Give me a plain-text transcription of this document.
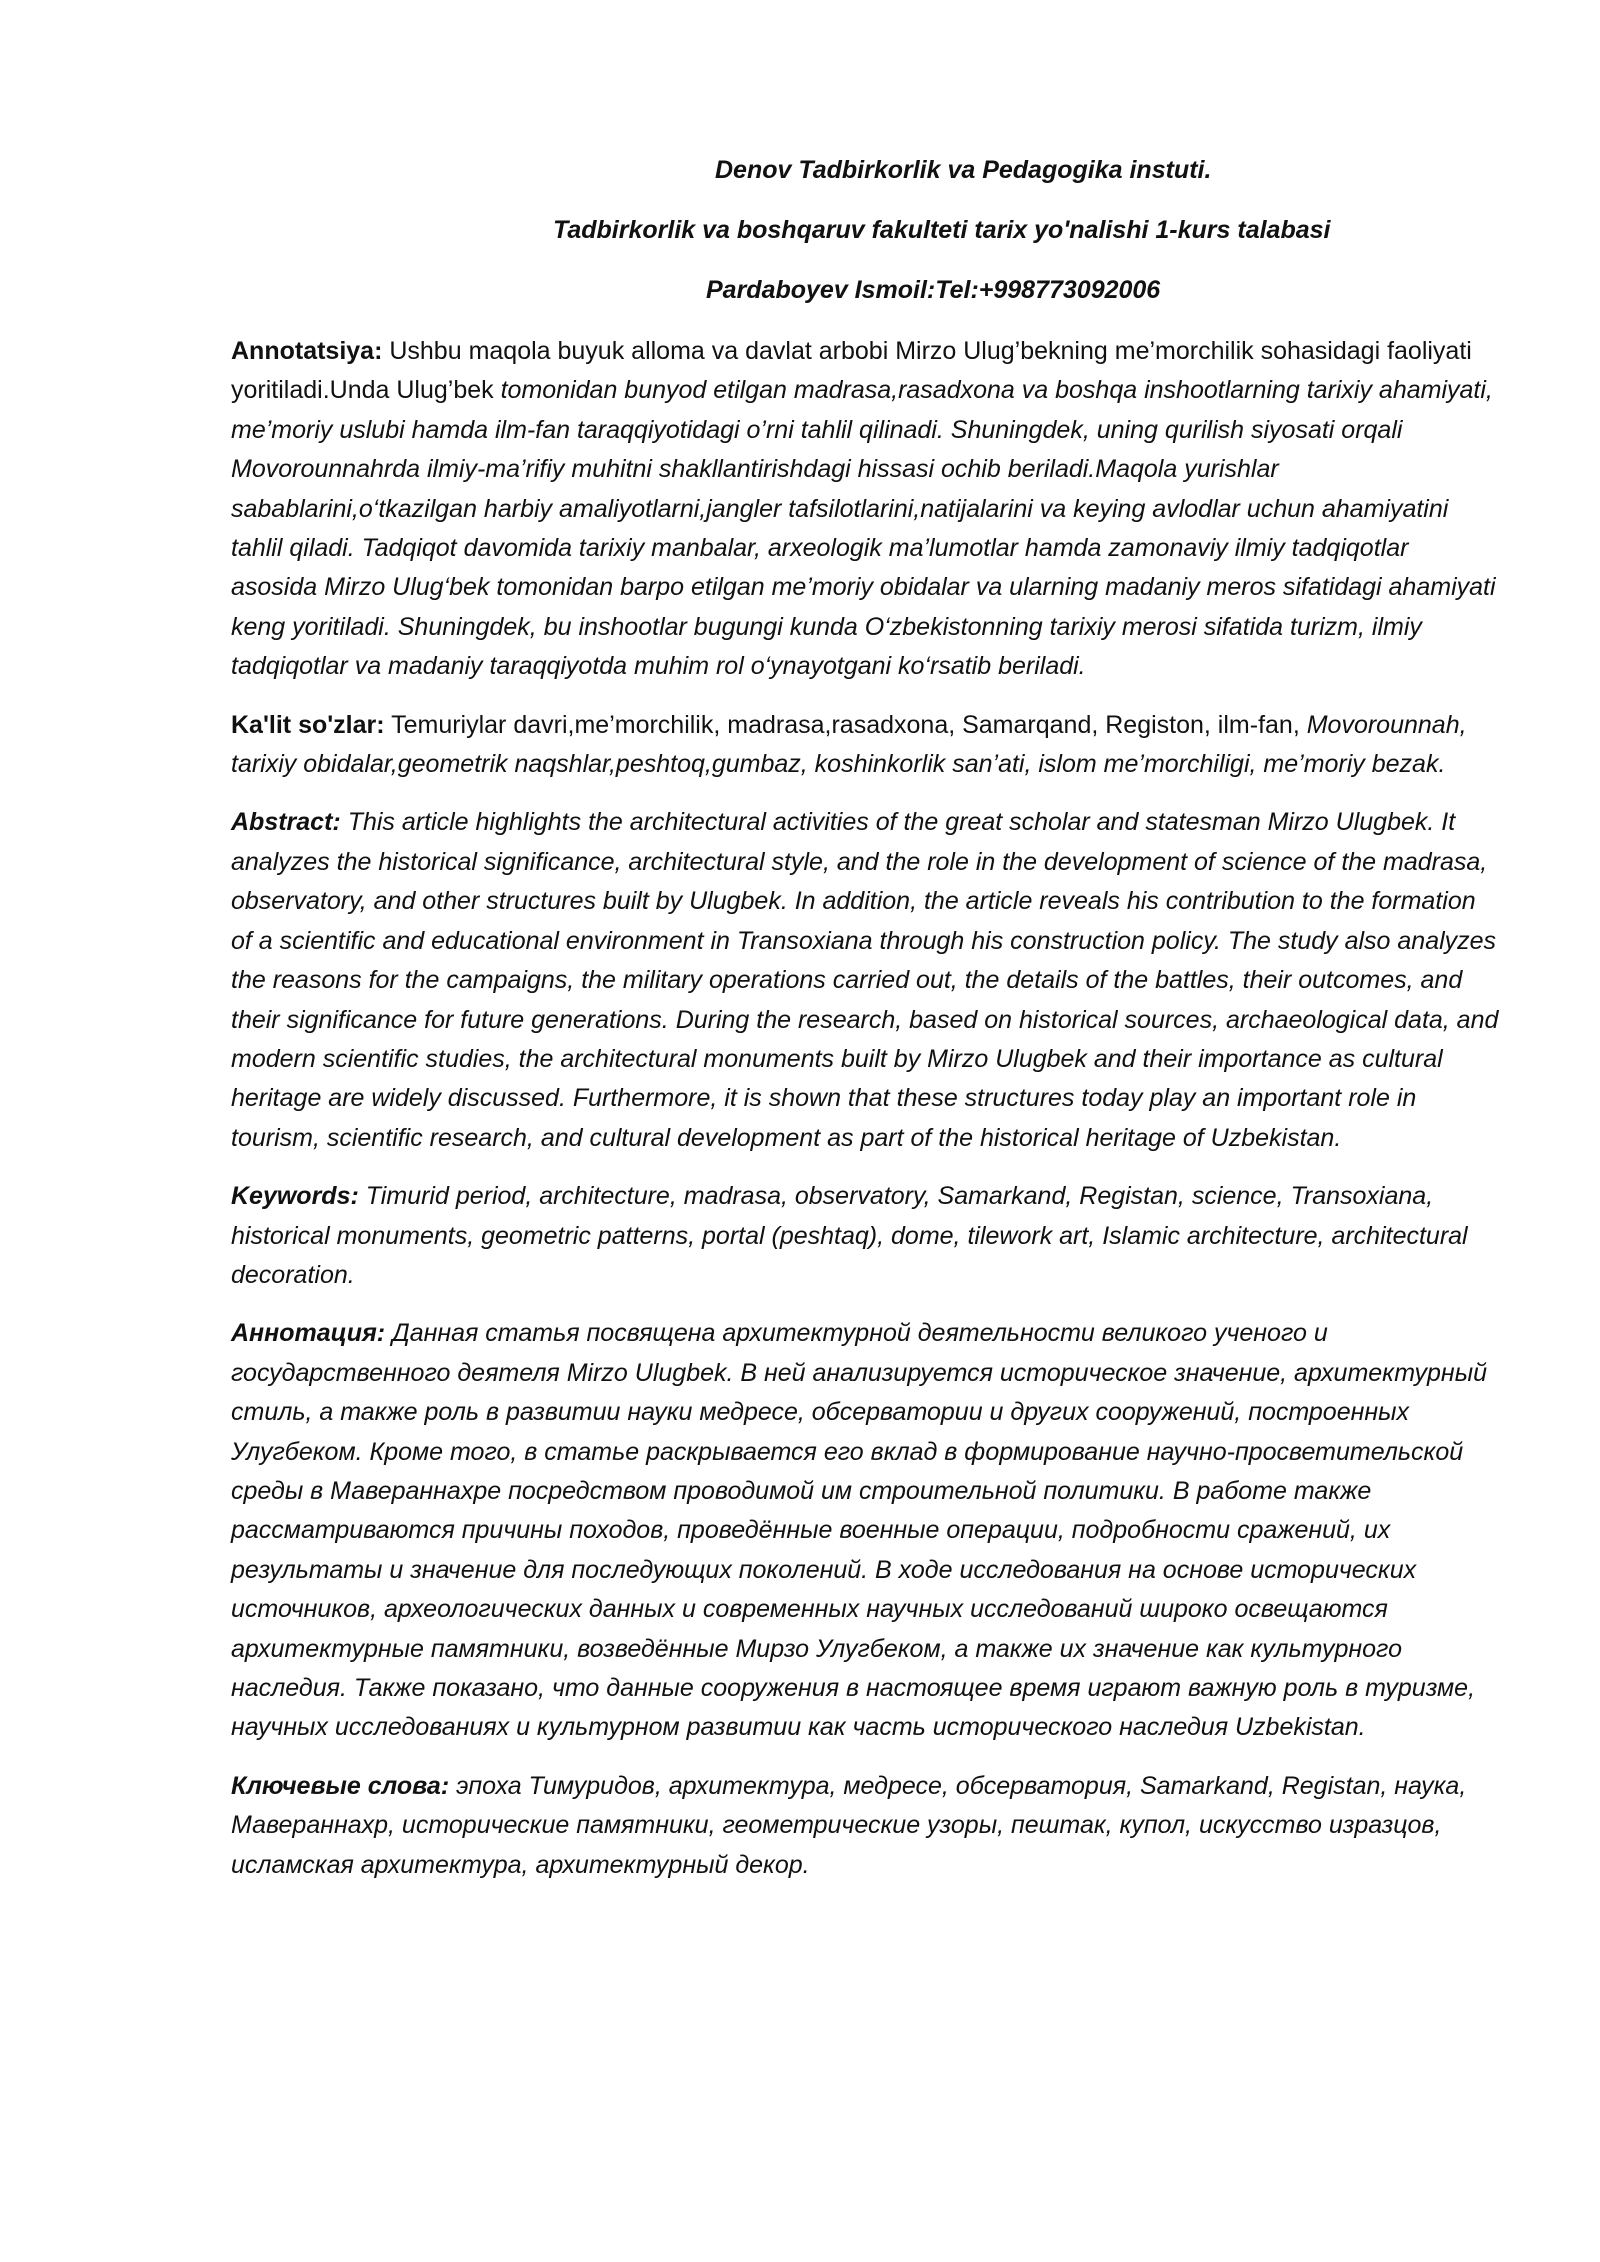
Denov Tadbirkorlik va Pedagogika instuti.
Tadbirkorlik va boshqaruv fakulteti tarix yo'nalishi 1-kurs talabasi
Pardaboyev Ismoil:Tel:+998773092006

Annotatsiya: Ushbu maqola buyuk alloma va davlat arbobi Mirzo Ulug’bekning me’morchilik sohasidagi faoliyati yoritiladi.Unda Ulug’bek tomonidan bunyod etilgan madrasa,rasadxona va boshqa inshootlarning tarixiy ahamiyati, me’moriy uslubi hamda ilm-fan taraqqiyotidagi o’rni tahlil qilinadi. Shuningdek, uning qurilish siyosati orqali Movorounnahrda ilmiy-ma’rifiy muhitni shakllantirishdagi hissasi ochib beriladi.Maqola yurishlar sabablarini,o‘tkazilgan harbiy amaliyotlarni,jangler tafsilotlarini,natijalarini va keying avlodlar uchun ahamiyatini tahlil qiladi. Tadqiqot davomida tarixiy manbalar, arxeologik ma’lumotlar hamda zamonaviy ilmiy tadqiqotlar asosida Mirzo Ulug‘bek tomonidan barpo etilgan me’moriy obidalar va ularning madaniy meros sifatidagi ahamiyati keng yoritiladi. Shuningdek, bu inshootlar bugungi kunda O‘zbekistonning tarixiy merosi sifatida turizm, ilmiy tadqiqotlar va madaniy taraqqiyotda muhim rol o‘ynayotgani ko‘rsatib beriladi.

Ka'lit so'zlar: Temuriylar davri,me’morchilik, madrasa,rasadxona, Samarqand, Registon, ilm-fan, Movorounnah, tarixiy obidalar,geometrik naqshlar,peshtoq,gumbaz, koshinkorlik san’ati, islom me’morchiligi, me’moriy bezak.

Abstract: This article highlights the architectural activities of the great scholar and statesman Mirzo Ulugbek. It analyzes the historical significance, architectural style, and the role in the development of science of the madrasa, observatory, and other structures built by Ulugbek. In addition, the article reveals his contribution to the formation of a scientific and educational environment in Transoxiana through his construction policy. The study also analyzes the reasons for the campaigns, the military operations carried out, the details of the battles, their outcomes, and their significance for future generations. During the research, based on historical sources, archaeological data, and modern scientific studies, the architectural monuments built by Mirzo Ulugbek and their importance as cultural heritage are widely discussed. Furthermore, it is shown that these structures today play an important role in tourism, scientific research, and cultural development as part of the historical heritage of Uzbekistan.

Keywords: Timurid period, architecture, madrasa, observatory, Samarkand, Registan, science, Transoxiana, historical monuments, geometric patterns, portal (peshtaq), dome, tilework art, Islamic architecture, architectural decoration.

Аннотация: Данная статья посвящена архитектурной деятельности великого ученого и государственного деятеля Mirzo Ulugbek. В ней анализируется историческое значение, архитектурный стиль, а также роль в развитии науки медресе, обсерватории и других сооружений, построенных Улугбеком. Кроме того, в статье раскрывается его вклад в формирование научно-просветительской среды в Мавераннахре посредством проводимой им строительной политики. В работе также рассматриваются причины походов, проведённые военные операции, подробности сражений, их результаты и значение для последующих поколений. В ходе исследования на основе исторических источников, археологических данных и современных научных исследований широко освещаются архитектурные памятники, возведённые Мирзо Улугбеком, а также их значение как культурного наследия. Также показано, что данные сооружения в настоящее время играют важную роль в туризме, научных исследованиях и культурном развитии как часть исторического наследия Uzbekistan.

Ключевые слова: эпоха Тимуридов, архитектура, медресе, обсерватория, Samarkand, Registan, наука, Мавераннахр, исторические памятники, геометрические узоры, пештак, купол, искусство изразцов, исламская архитектура, архитектурный декор.
